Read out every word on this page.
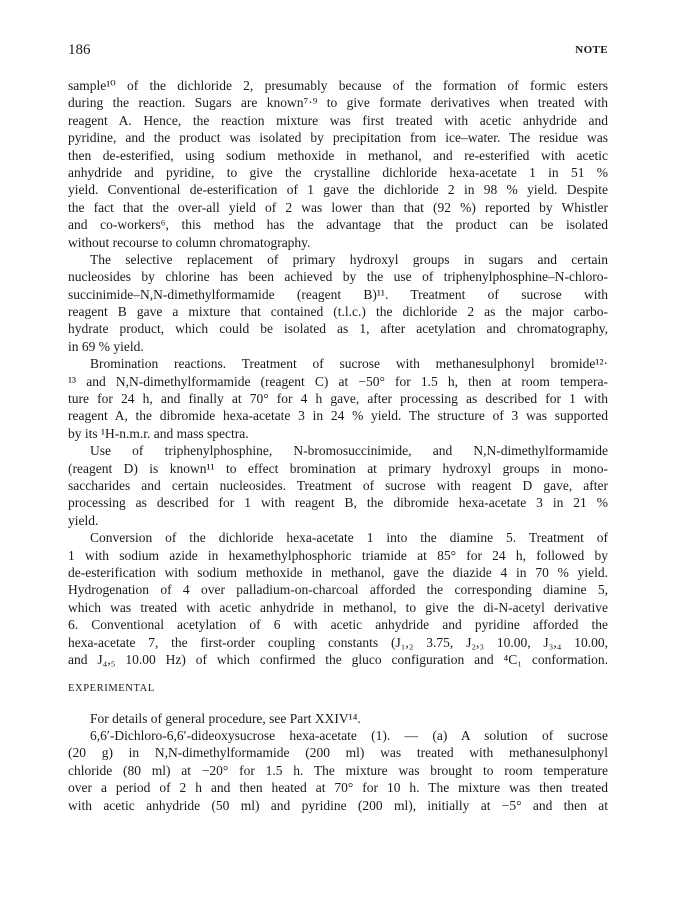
186	NOTE
sample¹⁰ of the dichloride 2, presumably because of the formation of formic esters
during the reaction. Sugars are known⁷·⁹ to give formate derivatives when treated with
reagent A. Hence, the reaction mixture was first treated with acetic anhydride and
pyridine, and the product was isolated by precipitation from ice–water. The residue was
then de-esterified, using sodium methoxide in methanol, and re-esterified with acetic
anhydride and pyridine, to give the crystalline dichloride hexa-acetate 1 in 51 %
yield. Conventional de-esterification of 1 gave the dichloride 2 in 98 % yield. Despite
the fact that the over-all yield of 2 was lower than that (92 %) reported by Whistler
and co-workers⁶, this method has the advantage that the product can be isolated
without recourse to column chromatography.
The selective replacement of primary hydroxyl groups in sugars and certain
nucleosides by chlorine has been achieved by the use of triphenylphosphine–N-chloro-
succinimide–N,N-dimethylformamide (reagent B)¹¹. Treatment of sucrose with
reagent B gave a mixture that contained (t.l.c.) the dichloride 2 as the major carbo-
hydrate product, which could be isolated as 1, after acetylation and chromatography,
in 69 % yield.
Bromination reactions. Treatment of sucrose with methanesulphonyl bromide¹²·
¹³ and N,N-dimethylformamide (reagent C) at −50° for 1.5 h, then at room tempera-
ture for 24 h, and finally at 70° for 4 h gave, after processing as described for 1 with
reagent A, the dibromide hexa-acetate 3 in 24 % yield. The structure of 3 was supported
by its ¹H-n.m.r. and mass spectra.
Use of triphenylphosphine, N-bromosuccinimide, and N,N-dimethylformamide
(reagent D) is known¹¹ to effect bromination at primary hydroxyl groups in mono-
saccharides and certain nucleosides. Treatment of sucrose with reagent D gave, after
processing as described for 1 with reagent B, the dibromide hexa-acetate 3 in 21 %
yield.
Conversion of the dichloride hexa-acetate 1 into the diamine 5. Treatment of
1 with sodium azide in hexamethylphosphoric triamide at 85° for 24 h, followed by
de-esterification with sodium methoxide in methanol, gave the diazide 4 in 70 % yield.
Hydrogenation of 4 over palladium-on-charcoal afforded the corresponding diamine 5,
which was treated with acetic anhydride in methanol, to give the di-N-acetyl derivative
6. Conventional acetylation of 6 with acetic anhydride and pyridine afforded the
hexa-acetate 7, the first-order coupling constants (J₁,₂ 3.75, J₂,₃ 10.00, J₃,₄ 10.00,
and J₄,₅ 10.00 Hz) of which confirmed the gluco configuration and ⁴C₁ conformation.
EXPERIMENTAL
For details of general procedure, see Part XXIV¹⁴.
6,6′-Dichloro-6,6′-dideoxysucrose hexa-acetate (1). — (a) A solution of sucrose
(20 g) in N,N-dimethylformamide (200 ml) was treated with methanesulphonyl
chloride (80 ml) at −20° for 1.5 h. The mixture was brought to room temperature
over a period of 2 h and then heated at 70° for 10 h. The mixture was then treated
with acetic anhydride (50 ml) and pyridine (200 ml), initially at −5° and then at
